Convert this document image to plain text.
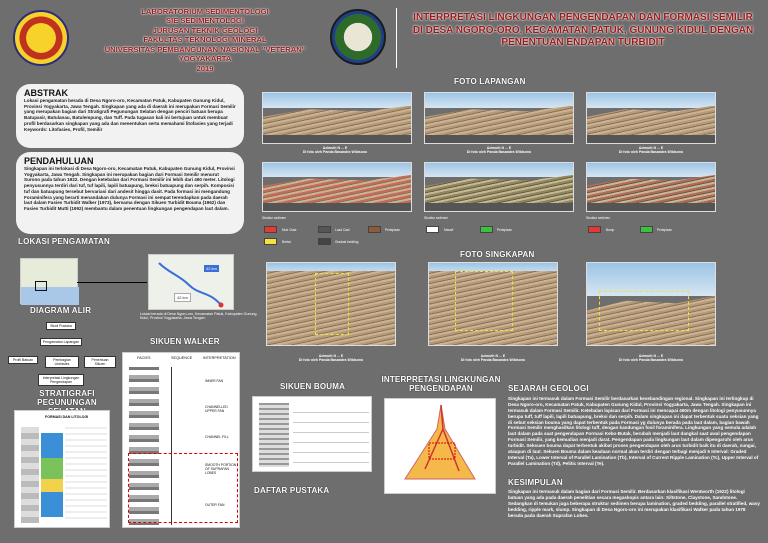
LABORATORIUM SEDIMENTOLOGI
SIE SEDIMENTOLOGI
JURUSAN TEKNIK GEOLOGI
FAKULTAS TEKNOLOGI MINERAL
UNIVERSITAS PEMBANGUNAN NASIONAL "VETERAN"
YOGYAKARTA
2019
INTERPRETASI LINGKUNGAN PENGENDAPAN DAN FORMASI SEMILIR DI DESA NGORO-ORO, KECAMATAN PATUK, GUNUNG KIDUL DENGAN PENENTUAN ENDAPAN TURBIDIT
ABSTRAK

Lokasi pengamatan berada di Desa Ngoro-oro, Kecamatan Patuk, Kabupaten Gunung Kidul, Provinsi Yogyakarta, Jawa Tengah. Singkapan yang ada di daerah ini merupakan Formasi Semilir yang merupakan bagian dari Stratigrafi Pegunungan Selatan dengan penciri batuan berupa Batupasir, Batulanau, Batulempung, dan Tuff. Pada tugasan kali ini bertujuan untuk membuat profil berdasarkan singkapan yang ada dan menentukan serta memahami litofasies yang terjadi

Keywords: Litofasies, Profil, Semilir

PENDAHULUAN

Singkapan ini terlokasi di Desa Ngoro-oro, Kecamatan Patuk, Kabupaten Gunung Kidul, Provinsi Yogyakarta, Jawa Tengah. Singkapan ini merupakan bagian dari Formasi Semilir menurut Surono pada tahun 1922. Dengan ketebalan dari Formasi Semilir ini lebih dari 460 meter. Litologi penyusunnya terdiri dari tuf, tuf lapili, lapili batuapung, breksi batuapung dan serpih. Komposisi tuf dan batuapung tersebut bervariasi dari andesit hingga dasit. Pada formasi ini mengandung Foraminifera yang berarti menandakan dulunya Formasi ini sempat terendapkan pada daerah laut dalam Fasies Turbidit Walker (1973), bersama dengan Sikuen Turbidit Bouma (1962) dan Fasies Turbidit Mutti (1992) membantu dalam penentuan lingkungan pengendapan laut dalam.

LOKASI PENGAMATAN
42 km
42 km
Lokasi berada di Desa Ngoro-oro, Kecamatan Patuk, Kabupaten Gunung Kidul, Provinsi Yogyakarta, Jawa Tengah.
DIAGRAM ALIR
Studi Pustaka
Pengamatan Lapangan
Profil Batuan	Pembagian Litofasies
Penentuan Sikuen
Interpretasi Lingkungan Pengendapan
STRATIGRAFI PEGUNUNGAN
FORMASI DAN LITOLOGI
SIKUEN WALKER
FACIES	SEQUENCE	INTERPRETATION
INNER FAN
CHANNELLED UPPER FAN
CHANNEL FILL
SMOOTH PORTION OF SUPRAFAN LOBES
OUTER FAN
FOTO LAPANGAN
Azimuth N ... E
Di foto oleh Panda Basandra Wibisono
Azimuth N ... E
Di foto oleh Panda Basandra Wibisono
Azimuth N ... E
Di foto oleh Panda Basandra Wibisono
Struktur sedimen
Mud Clast	Load Cast	Perlapisan
Breksi	Gradasi bedding
Struktur sedimen
Massif	Perlapisan
Struktur sedimen
Bump	Perlapisan
FOTO SINGKAPAN
Azimuth N ... E
Di foto oleh Panda Basandra Wibisono
Azimuth N ... E
Di foto oleh Panda Basandra Wibisono
Azimuth N ... E
Di foto oleh Panda Basandra Wibisono
SIKUEN BOUMA
INTERPRETASI LINGKUNGAN PENGENDAPAN
DAFTAR PUSTAKA
SEJARAH GEOLOGI
Singkapan ini termasuk dalam Formasi Semilir berdasarkan kesebandingan regional. Singkapan ini terlingkup di Desa Ngoro-oro, Kecamatan Patuk, Kabupaten Gunung Kidul, Provinsi Yogyakarta, Jawa Tengah. Singkapan ini termasuk dalam Formasi Semilir. Ketebalan lapisan dari Formasi ini mencapai 460m dengan litologi penyusunnya berupa tuff, tuff lapili, lapili batuapung, breksi dan serpih. Dalam singkapan ini dapat terbentuk suatu seksian yang di sebut seksian bouma yang dapat terbentuk pada Formasi yg dulunya berada pada laut dalam, bagian bawah Formasi Semilir menghasilkan litologi tuff, dengan kandungan fosil foraminifera. Lingkungan yang semula adalah laut dalam pada saat pengendapan Formasi Kebo-Butak, berubah menjadi laut dangkal saat awal pengendapan Formasi Semilir, yang kemudian menjadi darat. Pengendapan pada lingkungan laut dalam dipengaruhi oleh arus turbidit. Seksuen bouma dapat terbentuk akibat proses pengendapan oleh arus turbidit baik itu di daerah, sungai, ataupun di laut. Sekuen Bouma dalam keadaan normal akan terdiri dengan terbagi menjadi 5 Interval: Graded Interval (Ta), Lower Interval of Parallel Lamination (Tb), Interval of Current Ripple Lamination (Tc), Upper Interval of Parallel Lamination (Td), Pelitic Interval (Te).
KESIMPULAN
Singkapan ini termasuk dalam bagian dari Formasi Semilir. Berdasarkan klasifikasi Wentworth (1922) litologi batuan yang ada pada daerah penelitian secara megaskopis antara lain: Siltstone, Claystone, Sandstone. Sedangkan di temukan juga beberapa struktur sedimen berupa lamination, graded bedding, parallel stratified, wavy bedding, ripple mark, slump. Singkapan di Desa Ngoro-oro ini merupakan klasifikasi Walker pada tahun 1978 berada pada daerah Suprafan Lobes.
